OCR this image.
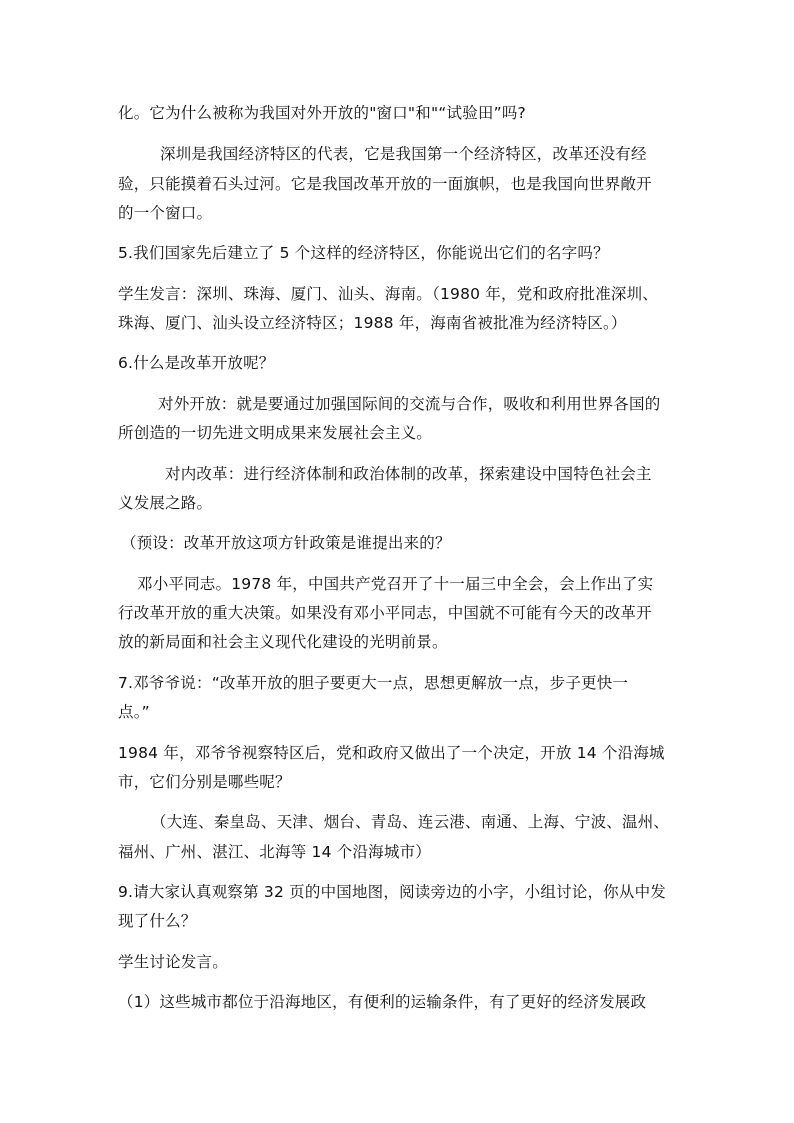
化。它为什么被称为我国对外开放的"窗口"和"“试验田”吗?
深圳是我国经济特区的代表，它是我国第一个经济特区，改革还没有经
验，只能摸着石头过河。它是我国改革开放的一面旗帜，也是我国向世界敞开
的一个窗口。
5.我们国家先后建立了 5 个这样的经济特区，你能说出它们的名字吗？
学生发言：深圳、珠海、厦门、汕头、海南。（1980 年，党和政府批准深圳、
珠海、厦门、汕头设立经济特区；1988 年，海南省被批准为经济特区。）
6.什么是改革开放呢？
对外开放：就是要通过加强国际间的交流与合作，吸收和利用世界各国的
所创造的一切先进文明成果来发展社会主义。
对内改革：进行经济体制和政治体制的改革，探索建设中国特色社会主
义发展之路。
（预设：改革开放这项方针政策是谁提出来的？
邓小平同志。1978 年，中国共产党召开了十一届三中全会，会上作出了实
行改革开放的重大决策。如果没有邓小平同志，中国就不可能有今天的改革开
放的新局面和社会主义现代化建设的光明前景。
7.邓爷爷说：“改革开放的胆子要更大一点，思想更解放一点，步子更快一
点。”
1984 年，邓爷爷视察特区后，党和政府又做出了一个决定，开放 14 个沿海城
市，它们分别是哪些呢？
（大连、秦皇岛、天津、烟台、青岛、连云港、南通、上海、宁波、温州、
福州、广州、湛江、北海等 14 个沿海城市）
9.请大家认真观察第 32 页的中国地图，阅读旁边的小字，小组讨论，你从中发
现了什么？
学生讨论发言。
（1）这些城市都位于沿海地区，有便利的运输条件，有了更好的经济发展政
